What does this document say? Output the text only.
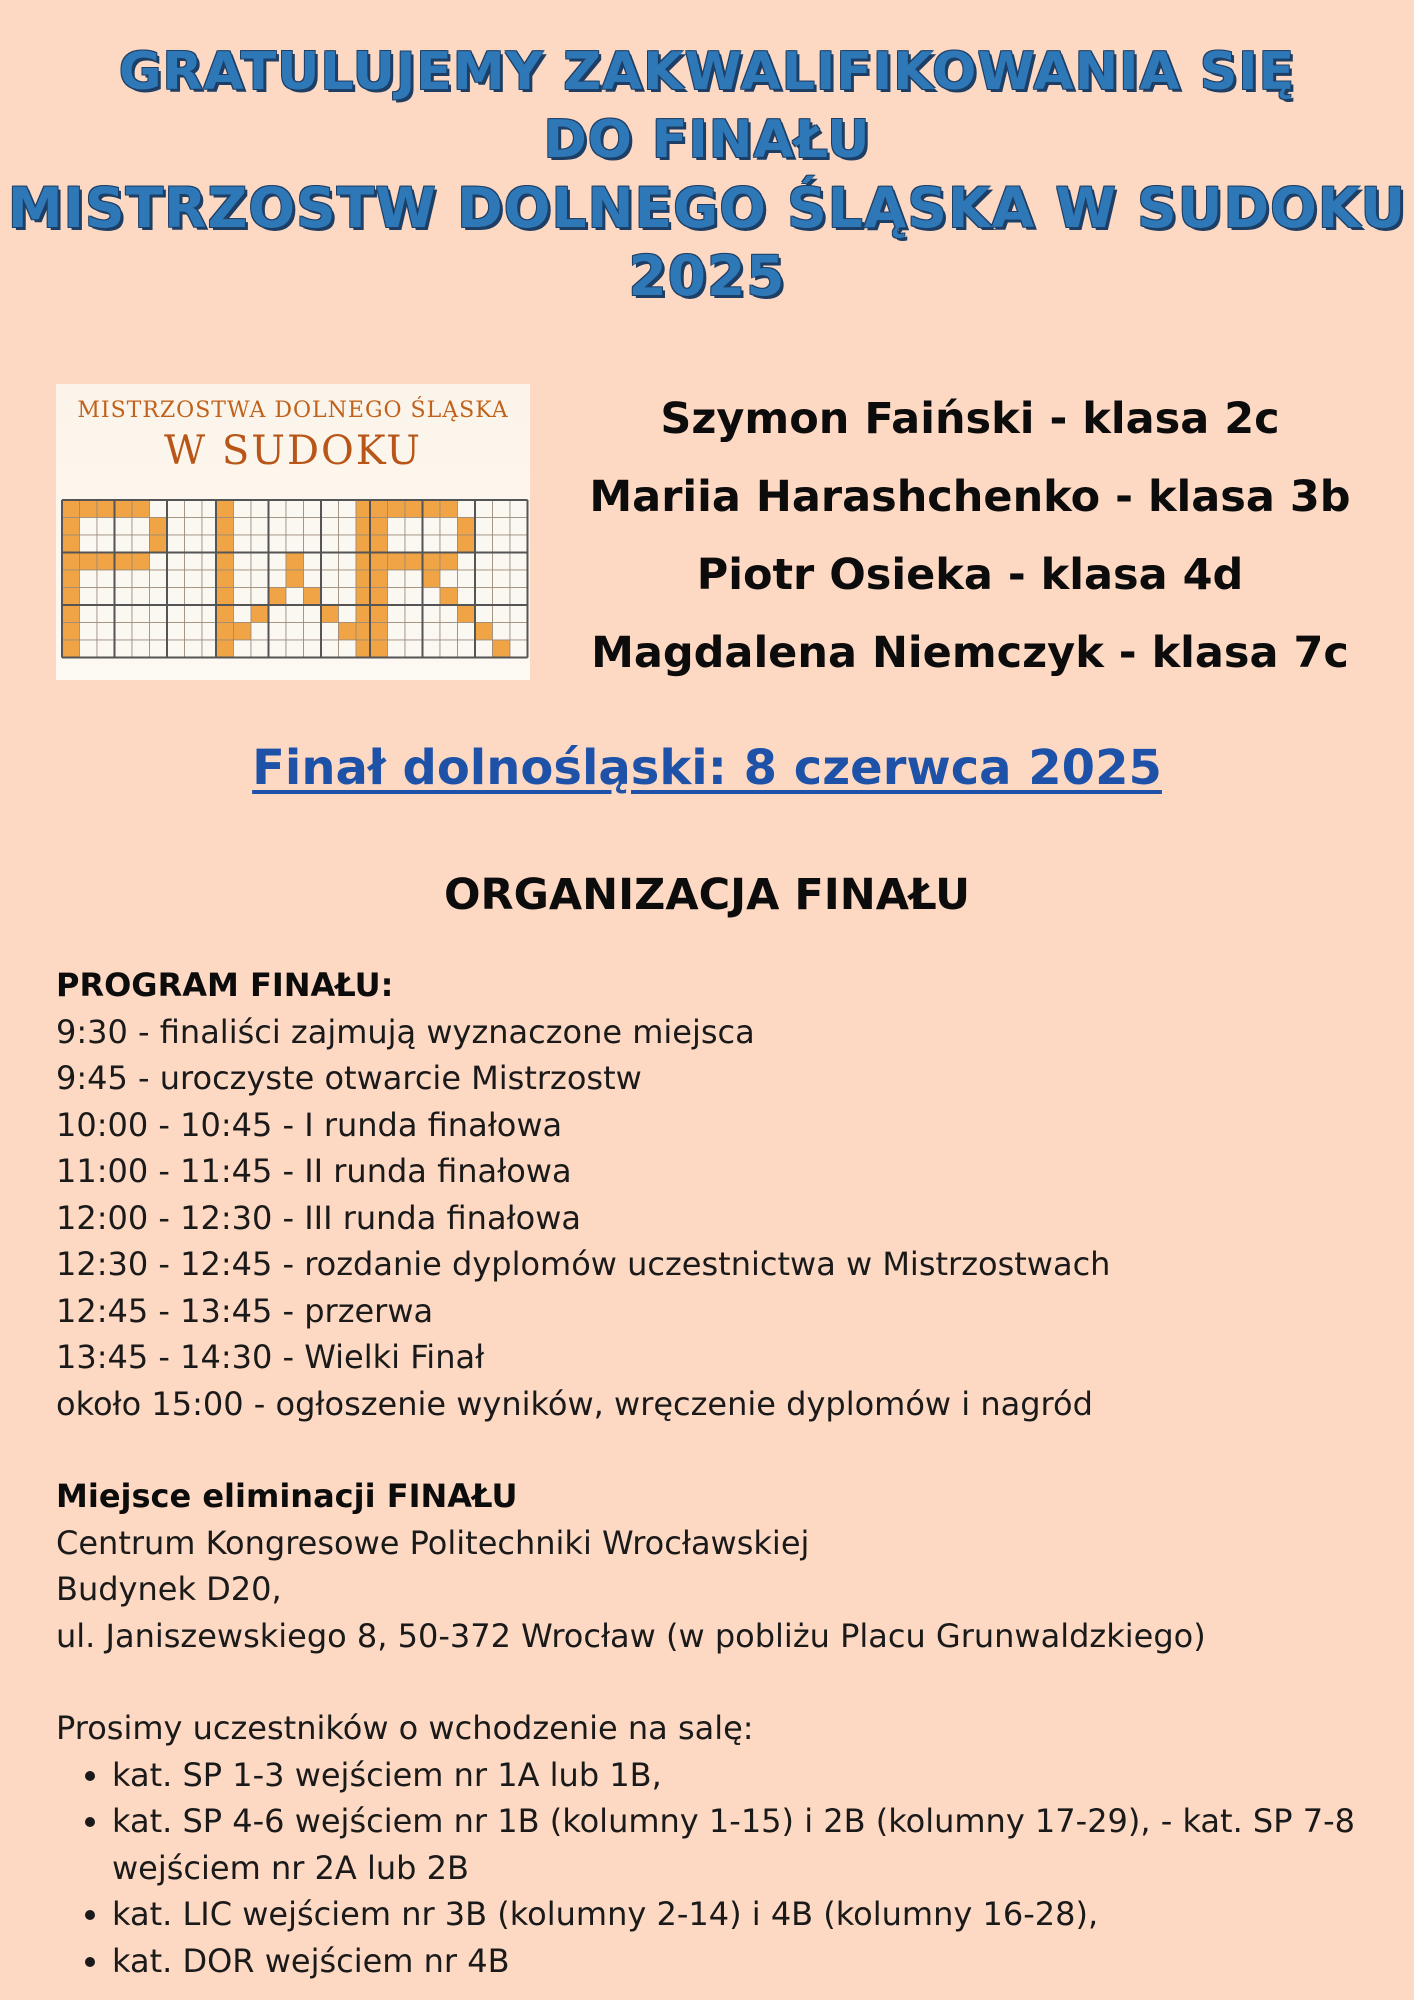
GRATULUJEMY ZAKWALIFIKOWANIA SIĘ
DO FINAŁU
MISTRZOSTW DOLNEGO ŚLĄSKA W SUDOKU 2025
MISTRZOSTWA DOLNEGO ŚLĄSKA
W SUDOKU
Szymon Faiński - klasa 2c
Mariia Harashchenko - klasa 3b
Piotr Osieka - klasa 4d
Magdalena Niemczyk - klasa 7c
Finał dolnośląski: 8 czerwca 2025
ORGANIZACJA FINAŁU
PROGRAM FINAŁU:
9:30 - finaliści zajmują wyznaczone miejsca
9:45 - uroczyste otwarcie Mistrzostw
10:00 - 10:45 - I runda finałowa
11:00 - 11:45 - II runda finałowa
12:00 - 12:30 - III runda finałowa
12:30 - 12:45 - rozdanie dyplomów uczestnictwa w Mistrzostwach
12:45 - 13:45 - przerwa
13:45 - 14:30 - Wielki Finał
około 15:00 - ogłoszenie wyników, wręczenie dyplomów i nagród
Miejsce eliminacji FINAŁU
Centrum Kongresowe Politechniki Wrocławskiej
Budynek D20,
ul. Janiszewskiego 8, 50-372 Wrocław (w pobliżu Placu Grunwaldzkiego)
Prosimy uczestników o wchodzenie na salę:
• kat. SP 1-3 wejściem nr 1A lub 1B,
• kat. SP 4-6 wejściem nr 1B (kolumny 1-15) i 2B (kolumny 17-29), - kat. SP 7-8 wejściem nr 2A lub 2B
• kat. LIC wejściem nr 3B (kolumny 2-14) i 4B (kolumny 16-28),
• kat. DOR wejściem nr 4B
